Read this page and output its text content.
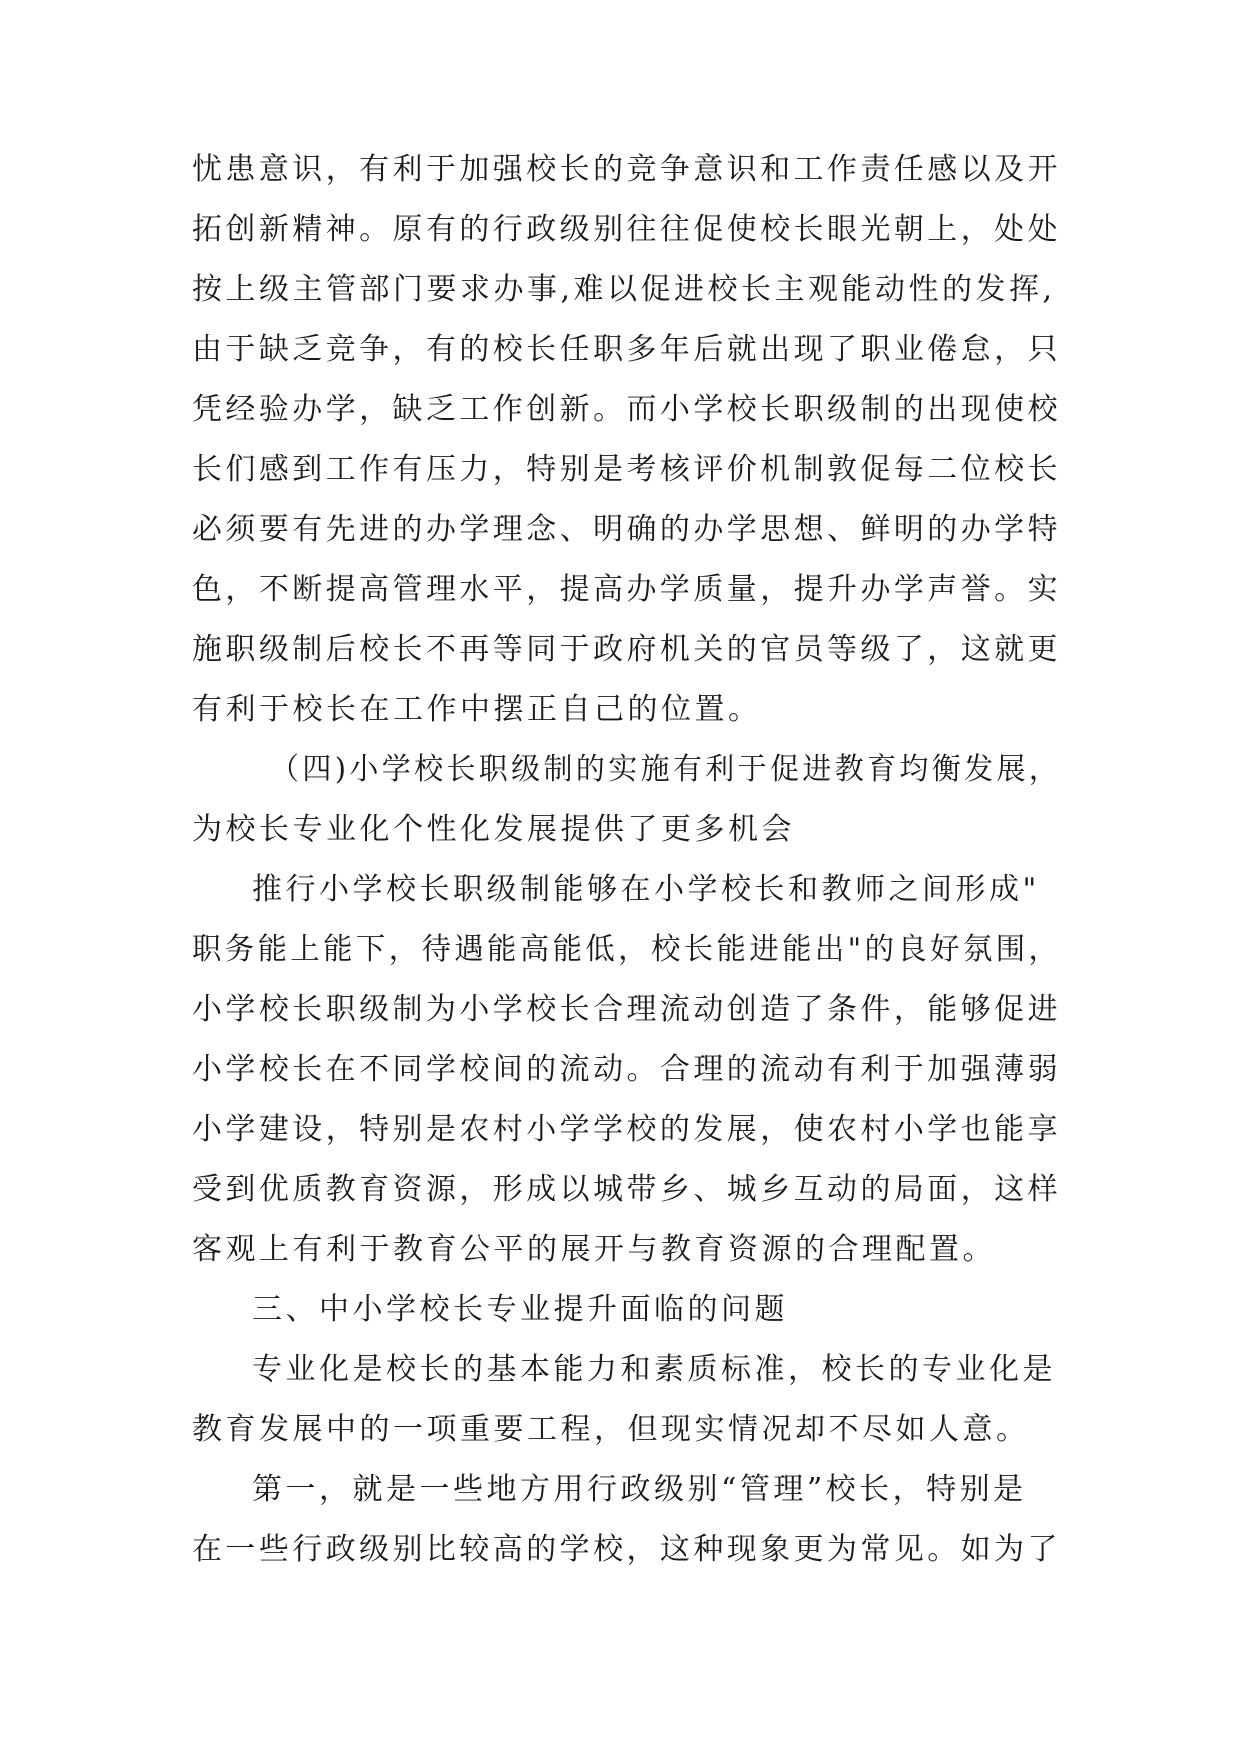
忧患意识，有利于加强校长的竞争意识和工作责任感以及开
拓创新精神。原有的行政级别往往促使校长眼光朝上，处处
按上级主管部门要求办事,难以促进校长主观能动性的发挥,
由于缺乏竞争，有的校长任职多年后就出现了职业倦怠，只
凭经验办学，缺乏工作创新。而小学校长职级制的出现使校
长们感到工作有压力，特别是考核评价机制敦促每二位校长
必须要有先进的办学理念、明确的办学思想、鲜明的办学特
色，不断提高管理水平，提高办学质量，提升办学声誉。实
施职级制后校长不再等同于政府机关的官员等级了，这就更
有利于校长在工作中摆正自己的位置。
（四)小学校长职级制的实施有利于促进教育均衡发展，
为校长专业化个性化发展提供了更多机会
推行小学校长职级制能够在小学校长和教师之间形成"
职务能上能下，待遇能高能低，校长能进能出"的良好氛围，
小学校长职级制为小学校长合理流动创造了条件，能够促进
小学校长在不同学校间的流动。合理的流动有利于加强薄弱
小学建设，特别是农村小学学校的发展，使农村小学也能享
受到优质教育资源，形成以城带乡、城乡互动的局面，这样
客观上有利于教育公平的展开与教育资源的合理配置。
三、中小学校长专业提升面临的问题
专业化是校长的基本能力和素质标准，校长的专业化是
教育发展中的一项重要工程，但现实情况却不尽如人意。
第一，就是一些地方用行政级别“管理”校长，特别是
在一些行政级别比较高的学校，这种现象更为常见。如为了
